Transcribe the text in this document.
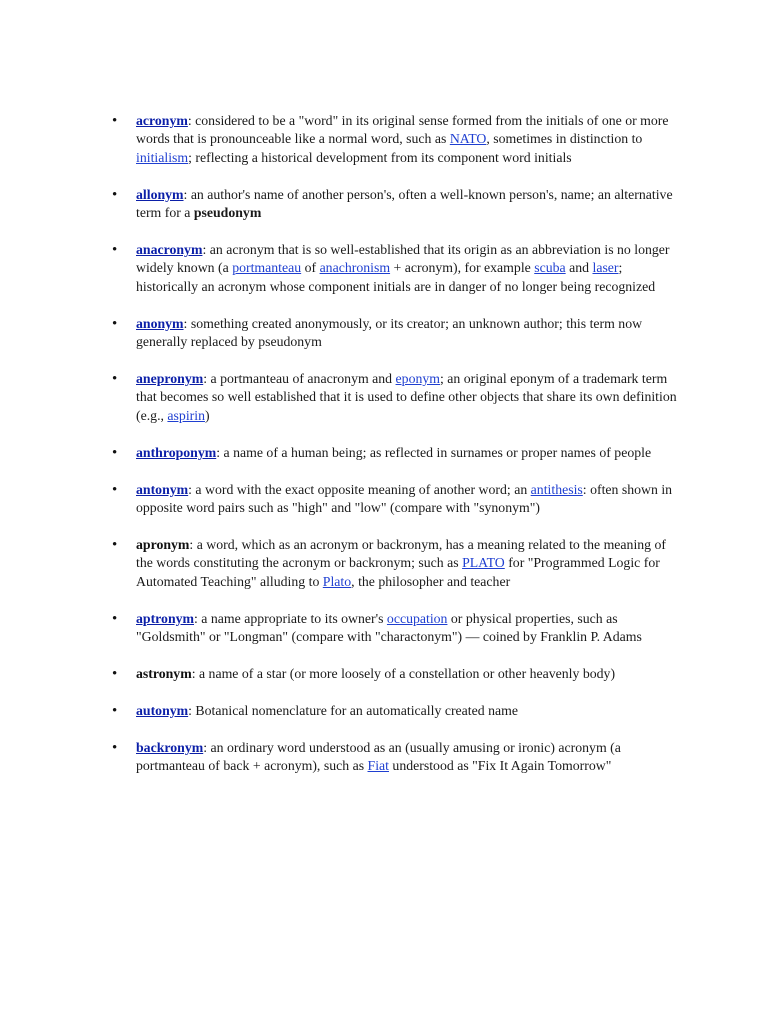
•	acronym: considered to be a "word" in its original sense formed from the initials of one or more words that is pronounceable like a normal word, such as NATO, sometimes in distinction to initialism; reflecting a historical development from its component word initials
•	allonym: an author's name of another person's, often a well-known person's, name; an alternative term for a pseudonym
•	anacronym: an acronym that is so well-established that its origin as an abbreviation is no longer widely known (a portmanteau of anachronism + acronym), for example scuba and laser; historically an acronym whose component initials are in danger of no longer being recognized
•	anonym: something created anonymously, or its creator; an unknown author; this term now generally replaced by pseudonym
•	anepronym: a portmanteau of anacronym and eponym; an original eponym of a trademark term that becomes so well established that it is used to define other objects that share its own definition (e.g., aspirin)
•	anthroponym: a name of a human being; as reflected in surnames or proper names of people
•	antonym: a word with the exact opposite meaning of another word; an antithesis: often shown in opposite word pairs such as "high" and "low" (compare with "synonym")
•	apronym: a word, which as an acronym or backronym, has a meaning related to the meaning of the words constituting the acronym or backronym; such as PLATO for "Programmed Logic for Automated Teaching" alluding to Plato, the philosopher and teacher
•	aptronym: a name appropriate to its owner's occupation or physical properties, such as "Goldsmith" or "Longman" (compare with "charactonym") — coined by Franklin P. Adams
•	astronym: a name of a star (or more loosely of a constellation or other heavenly body)
•	autonym: Botanical nomenclature for an automatically created name
•	backronym: an ordinary word understood as an (usually amusing or ironic) acronym (a portmanteau of back + acronym), such as Fiat understood as "Fix It Again Tomorrow"
